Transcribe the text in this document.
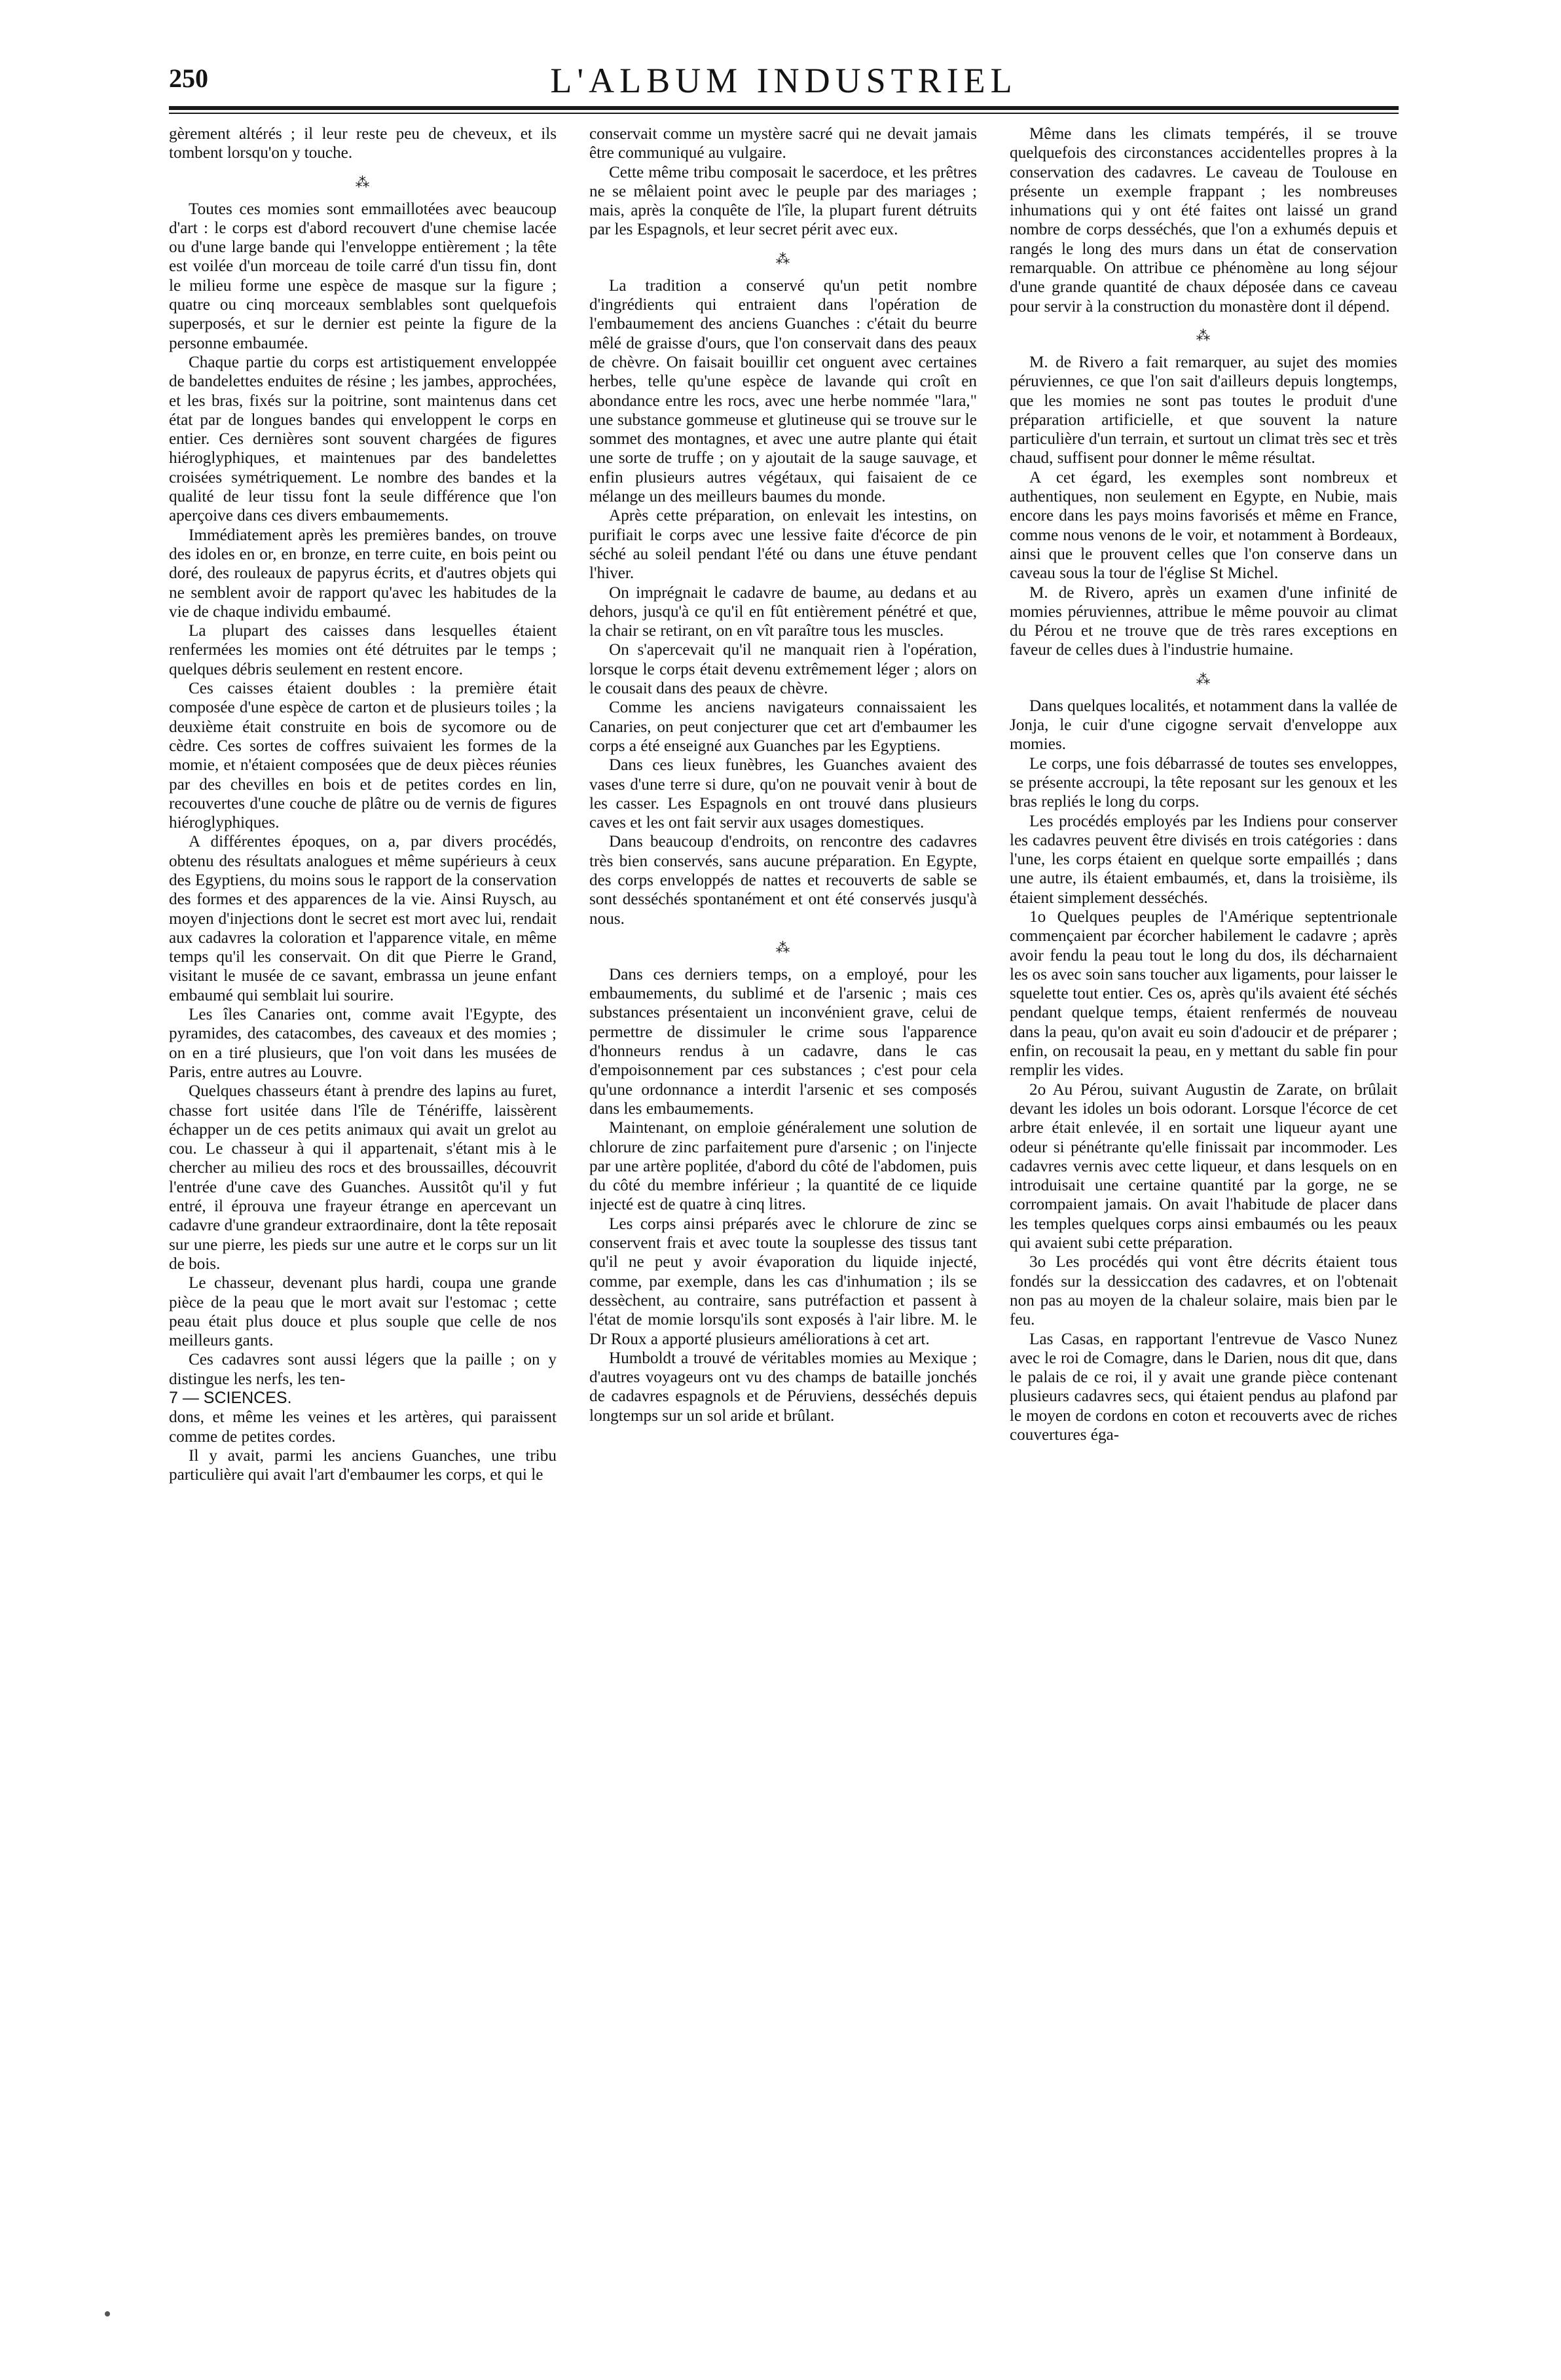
250	L'ALBUM INDUSTRIEL

gèrement altérés ; il leur reste peu de cheveux, et ils tombent lorsqu'on y touche.

⁂

Toutes ces momies sont emmaillotées avec beaucoup d'art : le corps est d'abord recouvert d'une chemise lacée ou d'une large bande qui l'enveloppe entièrement ; la tête est voilée d'un morceau de toile carré d'un tissu fin, dont le milieu forme une espèce de masque sur la figure ; quatre ou cinq morceaux semblables sont quelquefois superposés, et sur le dernier est peinte la figure de la personne embaumée.

Chaque partie du corps est artistiquement enveloppée de bandelettes enduites de résine ; les jambes, approchées, et les bras, fixés sur la poitrine, sont maintenus dans cet état par de longues bandes qui enveloppent le corps en entier. Ces dernières sont souvent chargées de figures hiéroglyphiques, et maintenues par des bandelettes croisées symétriquement. Le nombre des bandes et la qualité de leur tissu font la seule différence que l'on aperçoive dans ces divers embaumements.

Immédiatement après les premières bandes, on trouve des idoles en or, en bronze, en terre cuite, en bois peint ou doré, des rouleaux de papyrus écrits, et d'autres objets qui ne semblent avoir de rapport qu'avec les habitudes de la vie de chaque individu embaumé.

La plupart des caisses dans lesquelles étaient renfermées les momies ont été détruites par le temps ; quelques débris seulement en restent encore.

Ces caisses étaient doubles : la première était composée d'une espèce de carton et de plusieurs toiles ; la deuxième était construite en bois de sycomore ou de cèdre. Ces sortes de coffres suivaient les formes de la momie, et n'étaient composées que de deux pièces réunies par des chevilles en bois et de petites cordes en lin, recouvertes d'une couche de plâtre ou de vernis de figures hiéroglyphiques.

A différentes époques, on a, par divers procédés, obtenu des résultats analogues et même supérieurs à ceux des Egyptiens, du moins sous le rapport de la conservation des formes et des apparences de la vie. Ainsi Ruysch, au moyen d'injections dont le secret est mort avec lui, rendait aux cadavres la coloration et l'apparence vitale, en même temps qu'il les conservait. On dit que Pierre le Grand, visitant le musée de ce savant, embrassa un jeune enfant embaumé qui semblait lui sourire.

Les îles Canaries ont, comme avait l'Egypte, des pyramides, des catacombes, des caveaux et des momies ; on en a tiré plusieurs, que l'on voit dans les musées de Paris, entre autres au Louvre.

Quelques chasseurs étant à prendre des lapins au furet, chasse fort usitée dans l'île de Ténériffe, laissèrent échapper un de ces petits animaux qui avait un grelot au cou. Le chasseur à qui il appartenait, s'étant mis à le chercher au milieu des rocs et des broussailles, découvrit l'entrée d'une cave des Guanches. Aussitôt qu'il y fut entré, il éprouva une frayeur étrange en apercevant un cadavre d'une grandeur extraordinaire, dont la tête reposait sur une pierre, les pieds sur une autre et le corps sur un lit de bois.

Le chasseur, devenant plus hardi, coupa une grande pièce de la peau que le mort avait sur l'estomac ; cette peau était plus douce et plus souple que celle de nos meilleurs gants.

Ces cadavres sont aussi légers que la paille ; on y distingue les nerfs, les ten-

7 — SCIENCES.

dons, et même les veines et les artères, qui paraissent comme de petites cordes.

Il y avait, parmi les anciens Guanches, une tribu particulière qui avait l'art d'embaumer les corps, et qui le

conservait comme un mystère sacré qui ne devait jamais être communiqué au vulgaire.

Cette même tribu composait le sacerdoce, et les prêtres ne se mêlaient point avec le peuple par des mariages ; mais, après la conquête de l'île, la plupart furent détruits par les Espagnols, et leur secret périt avec eux.

⁂

La tradition a conservé qu'un petit nombre d'ingrédients qui entraient dans l'opération de l'embaumement des anciens Guanches : c'était du beurre mêlé de graisse d'ours, que l'on conservait dans des peaux de chèvre. On faisait bouillir cet onguent avec certaines herbes, telle qu'une espèce de lavande qui croît en abondance entre les rocs, avec une herbe nommée "lara," une substance gommeuse et glutineuse qui se trouve sur le sommet des montagnes, et avec une autre plante qui était une sorte de truffe ; on y ajoutait de la sauge sauvage, et enfin plusieurs autres végétaux, qui faisaient de ce mélange un des meilleurs baumes du monde.

Après cette préparation, on enlevait les intestins, on purifiait le corps avec une lessive faite d'écorce de pin séché au soleil pendant l'été ou dans une étuve pendant l'hiver.

On imprégnait le cadavre de baume, au dedans et au dehors, jusqu'à ce qu'il en fût entièrement pénétré et que, la chair se retirant, on en vît paraître tous les muscles.

On s'apercevait qu'il ne manquait rien à l'opération, lorsque le corps était devenu extrêmement léger ; alors on le cousait dans des peaux de chèvre.

Comme les anciens navigateurs connaissaient les Canaries, on peut conjecturer que cet art d'embaumer les corps a été enseigné aux Guanches par les Egyptiens.

Dans ces lieux funèbres, les Guanches avaient des vases d'une terre si dure, qu'on ne pouvait venir à bout de les casser. Les Espagnols en ont trouvé dans plusieurs caves et les ont fait servir aux usages domestiques.

Dans beaucoup d'endroits, on rencontre des cadavres très bien conservés, sans aucune préparation. En Egypte, des corps enveloppés de nattes et recouverts de sable se sont desséchés spontanément et ont été conservés jusqu'à nous.

⁂

Dans ces derniers temps, on a employé, pour les embaumements, du sublimé et de l'arsenic ; mais ces substances présentaient un inconvénient grave, celui de permettre de dissimuler le crime sous l'apparence d'honneurs rendus à un cadavre, dans le cas d'empoisonnement par ces substances ; c'est pour cela qu'une ordonnance a interdit l'arsenic et ses composés dans les embaumements.

Maintenant, on emploie généralement une solution de chlorure de zinc parfaitement pure d'arsenic ; on l'injecte par une artère poplitée, d'abord du côté de l'abdomen, puis du côté du membre inférieur ; la quantité de ce liquide injecté est de quatre à cinq litres.

Les corps ainsi préparés avec le chlorure de zinc se conservent frais et avec toute la souplesse des tissus tant qu'il ne peut y avoir évaporation du liquide injecté, comme, par exemple, dans les cas d'inhumation ; ils se dessèchent, au contraire, sans putréfaction et passent à l'état de momie lorsqu'ils sont exposés à l'air libre. M. le Dr Roux a apporté plusieurs améliorations à cet art.

Humboldt a trouvé de véritables momies au Mexique ; d'autres voyageurs ont vu des champs de bataille jonchés de cadavres espagnols et de Péruviens, desséchés depuis longtemps sur un sol aride et brûlant.

Même dans les climats tempérés, il se trouve quelquefois des circonstances accidentelles propres à la conservation des cadavres. Le caveau de Toulouse en présente un exemple frappant ; les nombreuses inhumations qui y ont été faites ont laissé un grand nombre de corps desséchés, que l'on a exhumés depuis et rangés le long des murs dans un état de conservation remarquable. On attribue ce phénomène au long séjour d'une grande quantité de chaux déposée dans ce caveau pour servir à la construction du monastère dont il dépend.

⁂

M. de Rivero a fait remarquer, au sujet des momies péruviennes, ce que l'on sait d'ailleurs depuis longtemps, que les momies ne sont pas toutes le produit d'une préparation artificielle, et que souvent la nature particulière d'un terrain, et surtout un climat très sec et très chaud, suffisent pour donner le même résultat.

A cet égard, les exemples sont nombreux et authentiques, non seulement en Egypte, en Nubie, mais encore dans les pays moins favorisés et même en France, comme nous venons de le voir, et notamment à Bordeaux, ainsi que le prouvent celles que l'on conserve dans un caveau sous la tour de l'église St Michel.

M. de Rivero, après un examen d'une infinité de momies péruviennes, attribue le même pouvoir au climat du Pérou et ne trouve que de très rares exceptions en faveur de celles dues à l'industrie humaine.

⁂

Dans quelques localités, et notamment dans la vallée de Jonja, le cuir d'une cigogne servait d'enveloppe aux momies.

Le corps, une fois débarrassé de toutes ses enveloppes, se présente accroupi, la tête reposant sur les genoux et les bras repliés le long du corps.

Les procédés employés par les Indiens pour conserver les cadavres peuvent être divisés en trois catégories : dans l'une, les corps étaient en quelque sorte empaillés ; dans une autre, ils étaient embaumés, et, dans la troisième, ils étaient simplement desséchés.

1o Quelques peuples de l'Amérique septentrionale commençaient par écorcher habilement le cadavre ; après avoir fendu la peau tout le long du dos, ils décharnaient les os avec soin sans toucher aux ligaments, pour laisser le squelette tout entier. Ces os, après qu'ils avaient été séchés pendant quelque temps, étaient renfermés de nouveau dans la peau, qu'on avait eu soin d'adoucir et de préparer ; enfin, on recousait la peau, en y mettant du sable fin pour remplir les vides.

2o Au Pérou, suivant Augustin de Zarate, on brûlait devant les idoles un bois odorant. Lorsque l'écorce de cet arbre était enlevée, il en sortait une liqueur ayant une odeur si pénétrante qu'elle finissait par incommoder. Les cadavres vernis avec cette liqueur, et dans lesquels on en introduisait une certaine quantité par la gorge, ne se corrompaient jamais. On avait l'habitude de placer dans les temples quelques corps ainsi embaumés ou les peaux qui avaient subi cette préparation.

3o Les procédés qui vont être décrits étaient tous fondés sur la dessiccation des cadavres, et on l'obtenait non pas au moyen de la chaleur solaire, mais bien par le feu.

Las Casas, en rapportant l'entrevue de Vasco Nunez avec le roi de Comagre, dans le Darien, nous dit que, dans le palais de ce roi, il y avait une grande pièce contenant plusieurs cadavres secs, qui étaient pendus au plafond par le moyen de cordons en coton et recouverts avec de riches couvertures éga-
